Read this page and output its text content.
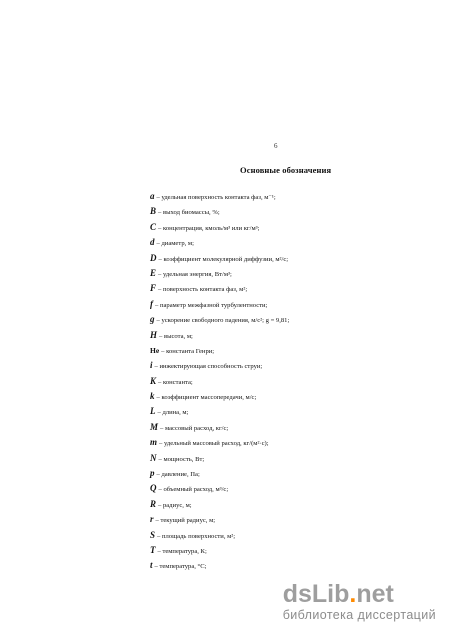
6
Основные обозначения
a – удельная поверхность контакта фаз, м⁻¹;
B – выход биомассы, %;
C – концентрация, кмоль/м³ или кг/м³;
d – диаметр, м;
D – коэффициент молекулярной диффузии, м²/с;
E – удельная энергия, Вт/м³;
F – поверхность контакта фаз, м²;
f – параметр межфазной турбулентности;
g – ускорение свободного падения, м/с²; g = 9,81;
H – высота, м;
He – константа Генри;
i – инжектирующая способность струи;
K – константа;
k – коэффициент массопередачи, м/с;
L – длина, м;
M – массовый расход, кг/с;
m – удельный массовый расход, кг/(м²·с);
N – мощность, Вт;
p – давление, Па;
Q – объемный расход, м³/с;
R – радиус, м;
r – текущий радиус, м;
S – площадь поверхности, м²;
T – температура, К;
t – температура, °С;
dsLib.net
библиотека диссертаций
